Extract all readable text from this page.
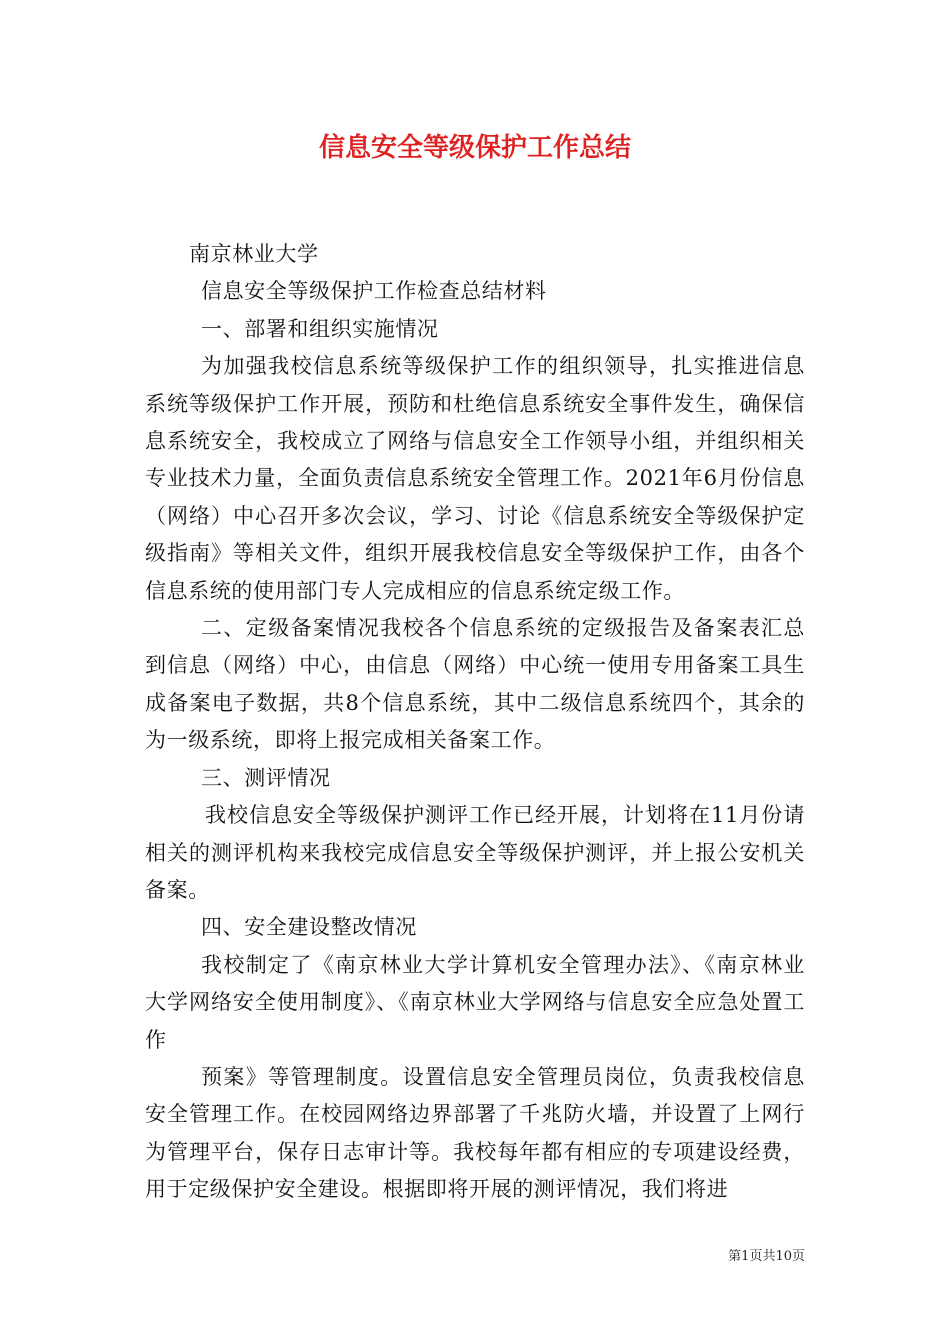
信息安全等级保护工作总结

南京林业大学

信息安全等级保护工作检查总结材料

一、部署和组织实施情况

为加强我校信息系统等级保护工作的组织领导，扎实推进信息系统等级保护工作开展，预防和杜绝信息系统安全事件发生，确保信息系统安全，我校成立了网络与信息安全工作领导小组，并组织相关专业技术力量，全面负责信息系统安全管理工作。2021年6月份信息（网络）中心召开多次会议，学习、讨论《信息系统安全等级保护定级指南》等相关文件，组织开展我校信息安全等级保护工作，由各个信息系统的使用部门专人完成相应的信息系统定级工作。

二、定级备案情况我校各个信息系统的定级报告及备案表汇总到信息（网络）中心，由信息（网络）中心统一使用专用备案工具生成备案电子数据，共8个信息系统，其中二级信息系统四个，其余的为一级系统，即将上报完成相关备案工作。

三、测评情况

我校信息安全等级保护测评工作已经开展，计划将在11月份请相关的测评机构来我校完成信息安全等级保护测评，并上报公安机关备案。

四、安全建设整改情况

我校制定了《南京林业大学计算机安全管理办法》、《南京林业大学网络安全使用制度》、《南京林业大学网络与信息安全应急处置工作

预案》等管理制度。设置信息安全管理员岗位，负责我校信息安全管理工作。在校园网络边界部署了千兆防火墙，并设置了上网行为管理平台，保存日志审计等。我校每年都有相应的专项建设经费，用于定级保护安全建设。根据即将开展的测评情况，我们将进

第1页共10页
